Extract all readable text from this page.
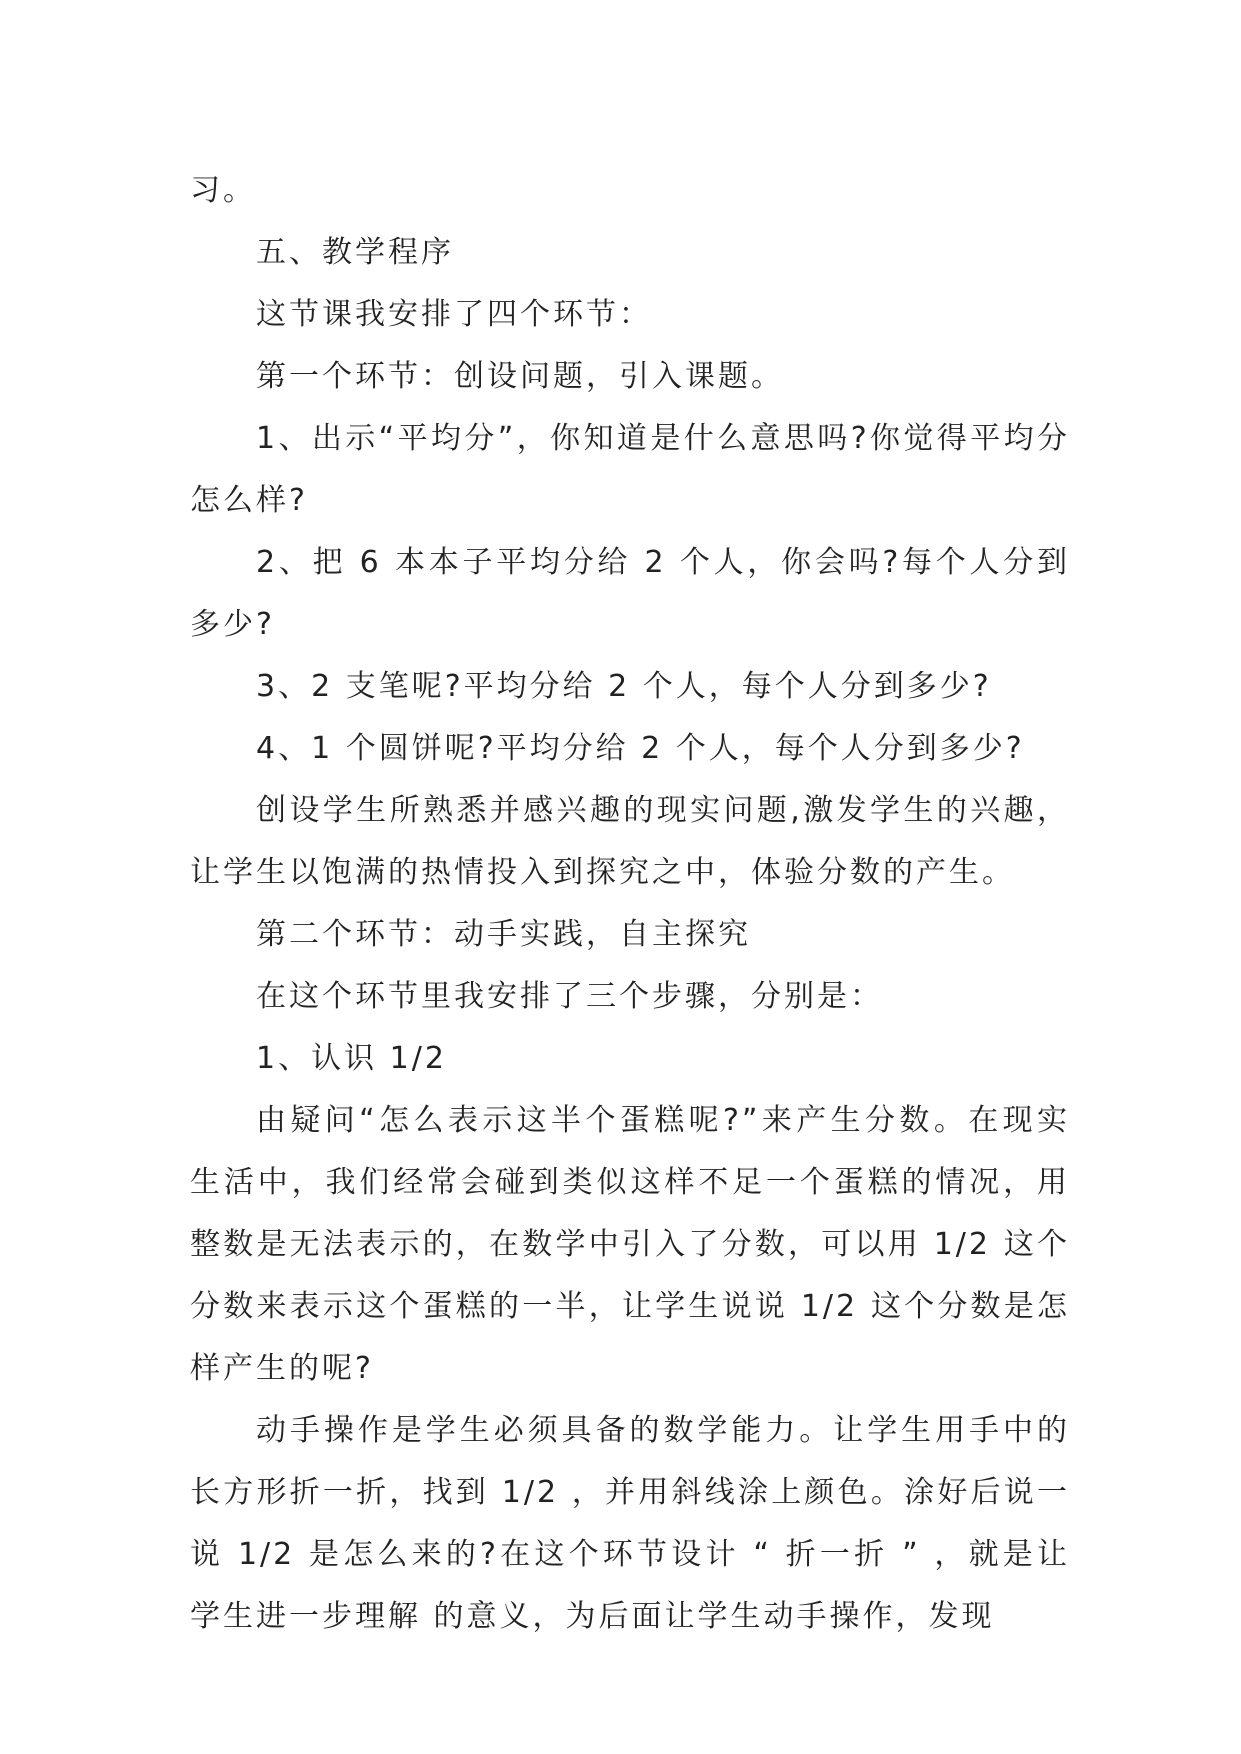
习。

五、教学程序

这节课我安排了四个环节：

第一个环节：创设问题，引入课题。

1、出示“平均分”，你知道是什么意思吗?你觉得平均分怎么样?

2、把 6 本本子平均分给 2 个人，你会吗?每个人分到多少?

3、2 支笔呢?平均分给 2 个人，每个人分到多少?

4、1 个圆饼呢?平均分给 2 个人，每个人分到多少?

创设学生所熟悉并感兴趣的现实问题,激发学生的兴趣，让学生以饱满的热情投入到探究之中，体验分数的产生。

第二个环节：动手实践，自主探究

在这个环节里我安排了三个步骤，分别是：

1、认识 1/2

由疑问“怎么表示这半个蛋糕呢?”来产生分数。在现实生活中，我们经常会碰到类似这样不足一个蛋糕的情况，用整数是无法表示的，在数学中引入了分数，可以用 1/2 这个分数来表示这个蛋糕的一半，让学生说说 1/2 这个分数是怎样产生的呢?

动手操作是学生必须具备的数学能力。让学生用手中的长方形折一折，找到 1/2 ，并用斜线涂上颜色。涂好后说一说 1/2 是怎么来的?在这个环节设计 “ 折一折 ” ，就是让学生进一步理解 的意义，为后面让学生动手操作，发现
